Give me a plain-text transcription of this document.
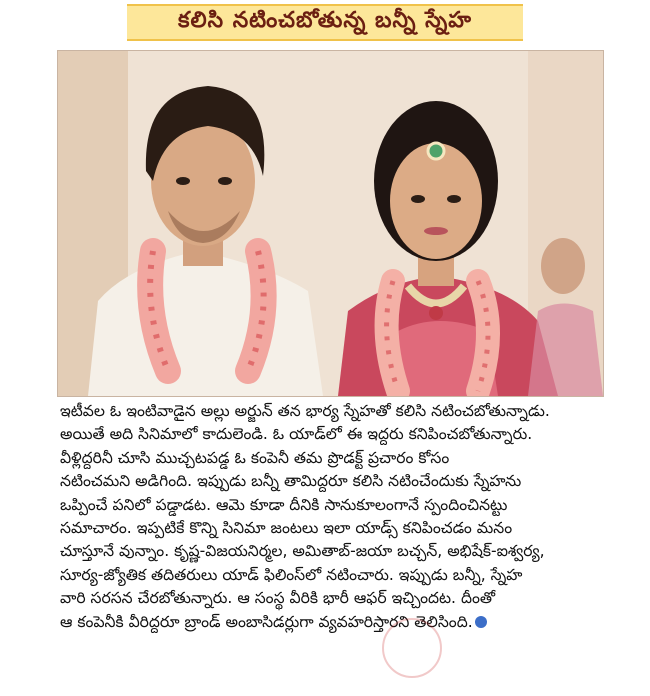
కలిసి నటించబోతున్న బన్నీ స్నేహ
ఇటీవల ఓ ఇంటివాడైన అల్లు అర్జున్ తన భార్య స్నేహతో కలిసి నటించబోతున్నాడు.
అయితే అది సినిమాలో కాదులెండి. ఓ యాడ్‌లో ఈ ఇద్దరు కనిపించబోతున్నారు.
వీళ్లిద్దరినీ చూసి ముచ్చటపడ్డ ఓ కంపెనీ తమ ప్రొడక్ట్ ప్రచారం కోసం
నటించమని అడిగింది. ఇప్పుడు బన్నీ తామిద్దరూ కలిసి నటించేందుకు స్నేహను
ఒప్పించే పనిలో పడ్డాడట. ఆమె కూడా దీనికి సానుకూలంగానే స్పందించినట్టు
సమాచారం. ఇప్పటికే కొన్ని సినిమా జంటలు ఇలా యాడ్స్ కనిపించడం మనం
చూస్తూనే వున్నాం. కృష్ణ-విజయనిర్మల, అమితాబ్-జయా బచ్చన్, అభిషేక్-ఐశ్వర్య,
సూర్య-జ్యోతిక తదితరులు యాడ్ ఫిలింస్‌లో నటించారు. ఇప్పుడు బన్నీ, స్నేహ
వారి సరసన చేరబోతున్నారు. ఆ సంస్థ వీరికి భారీ ఆఫర్ ఇచ్చిందట. దీంతో
ఆ కంపెనీకి వీరిద్దరూ బ్రాండ్ అంబాసిడర్లుగా వ్యవహరిస్తారని తెలిసింది.
